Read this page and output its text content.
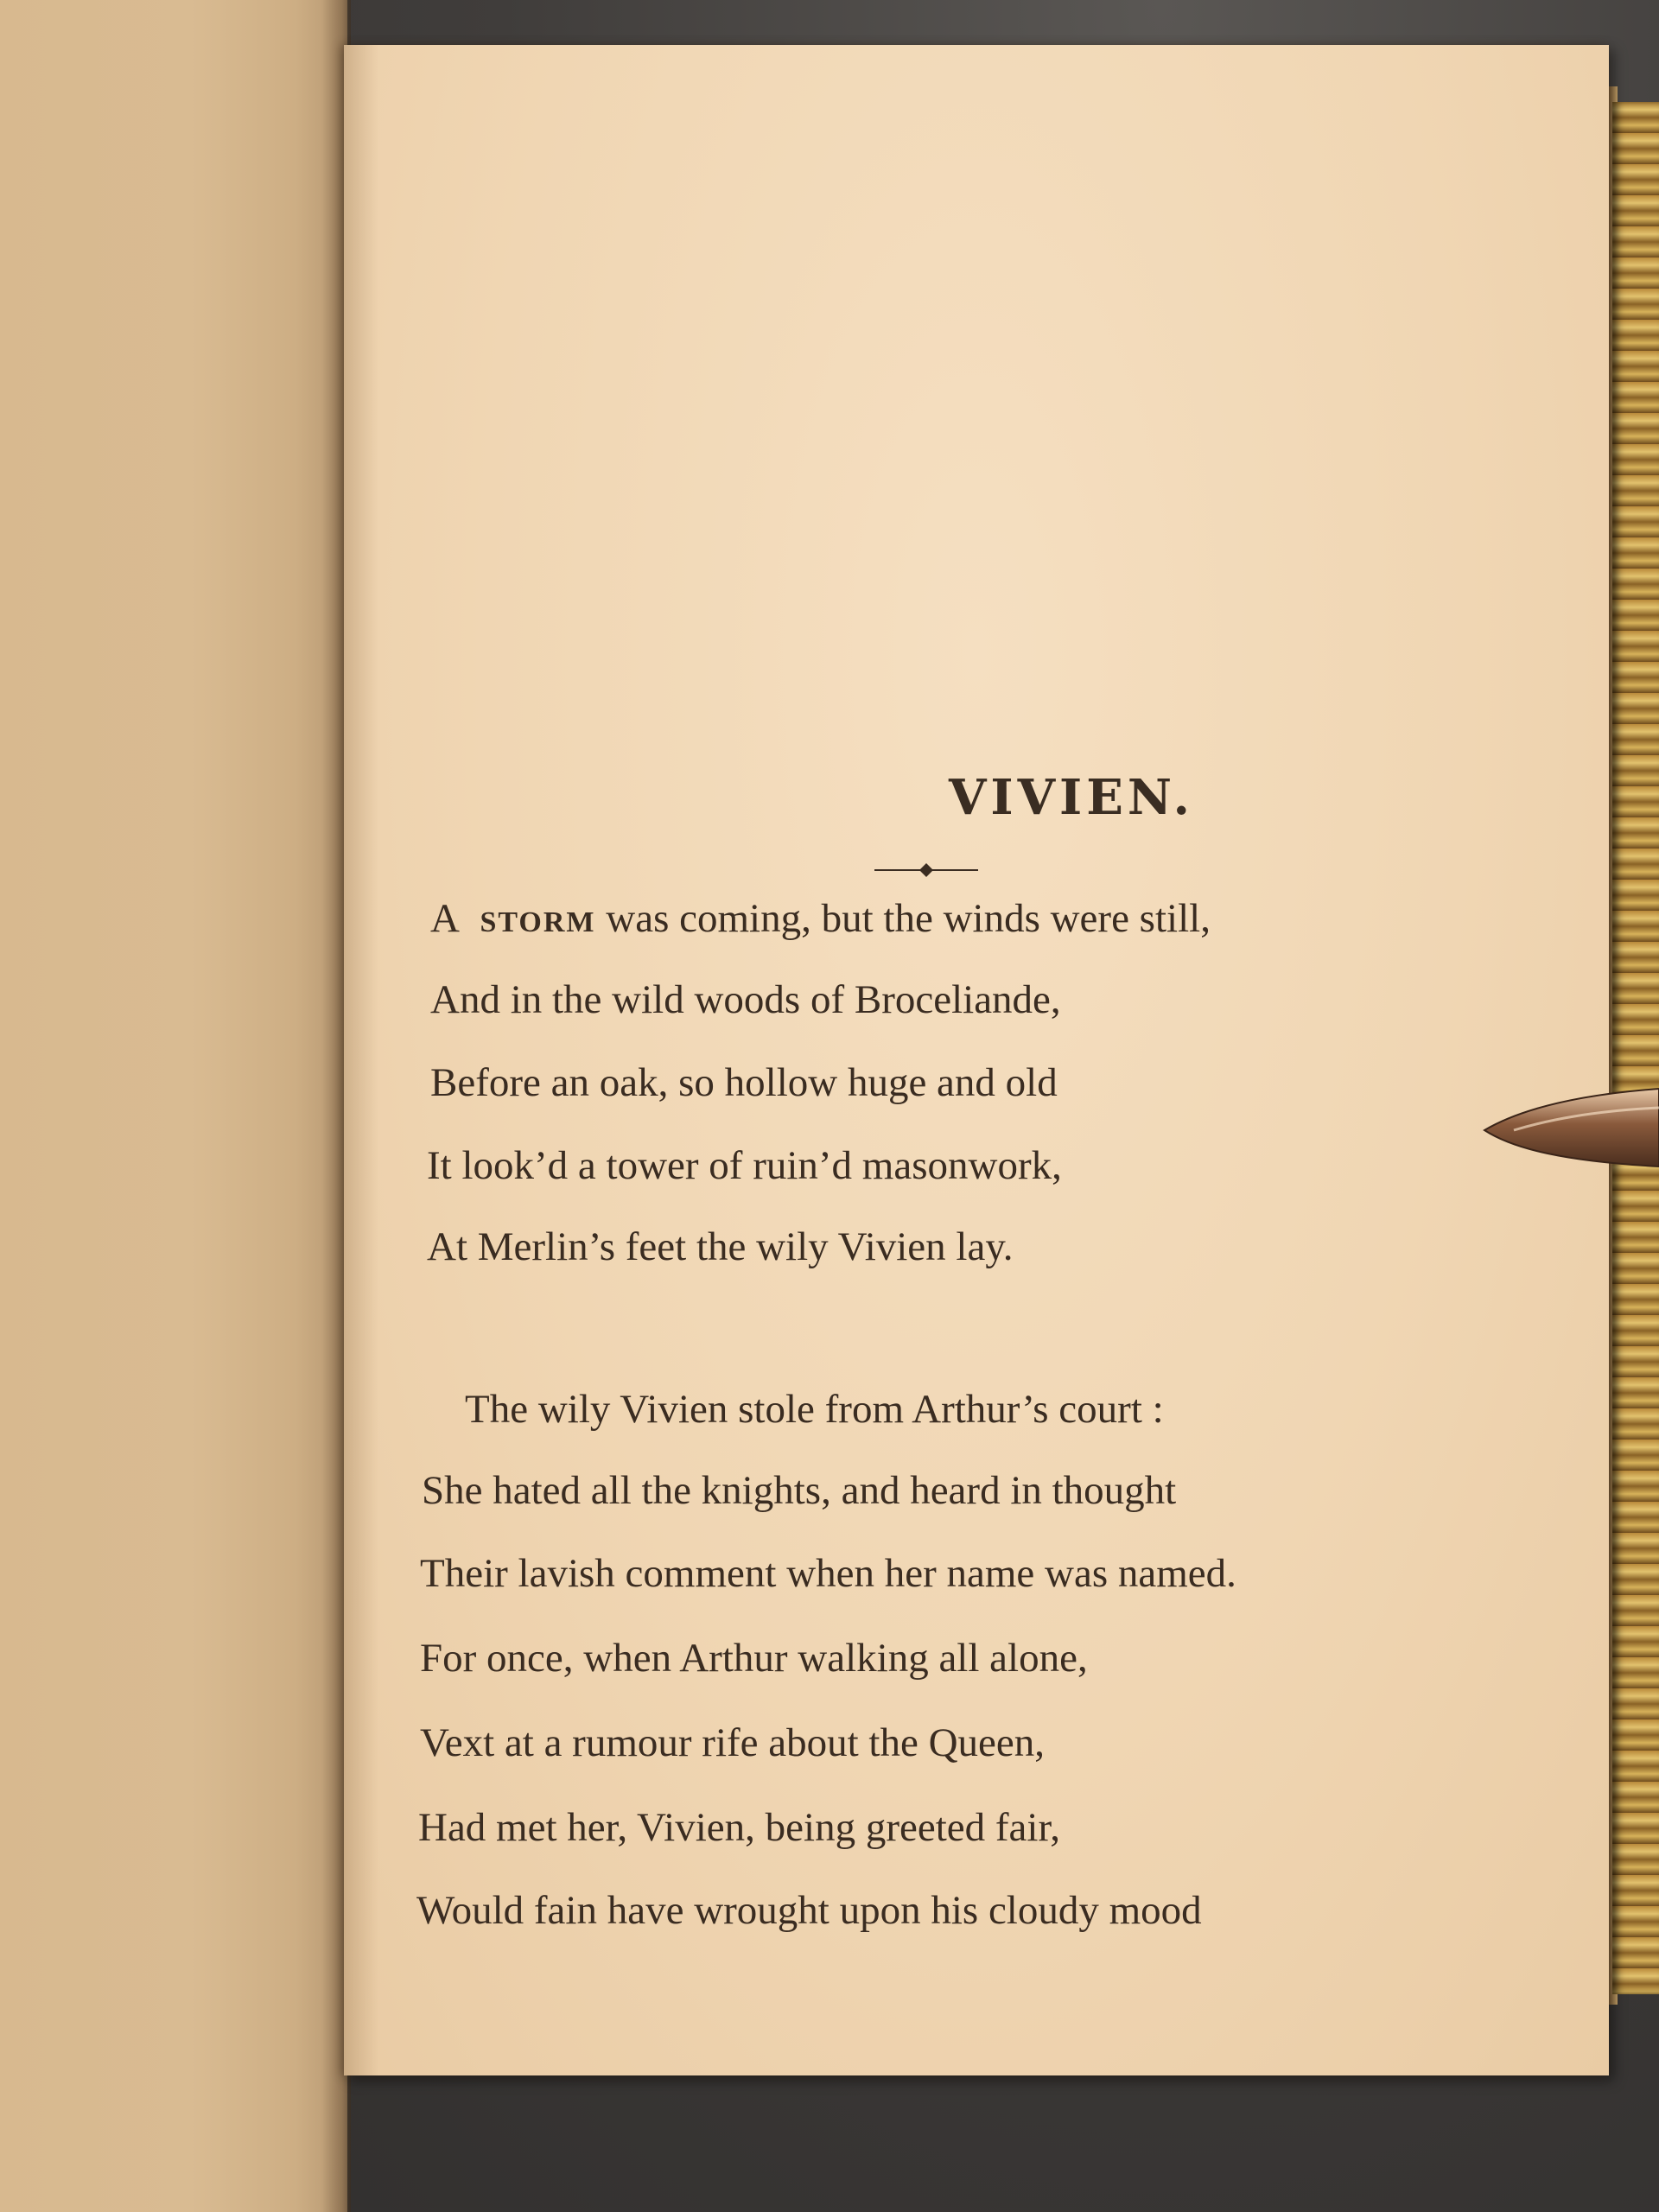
VIVIEN.
A STORM was coming, but the winds were still,
And in the wild woods of Broceliande,
Before an oak, so hollow huge and old
It look’d a tower of ruin’d masonwork,
At Merlin’s feet the wily Vivien lay.
The wily Vivien stole from Arthur’s court :
She hated all the knights, and heard in thought
Their lavish comment when her name was named.
For once, when Arthur walking all alone,
Vext at a rumour rife about the Queen,
Had met her, Vivien, being greeted fair,
Would fain have wrought upon his cloudy mood
